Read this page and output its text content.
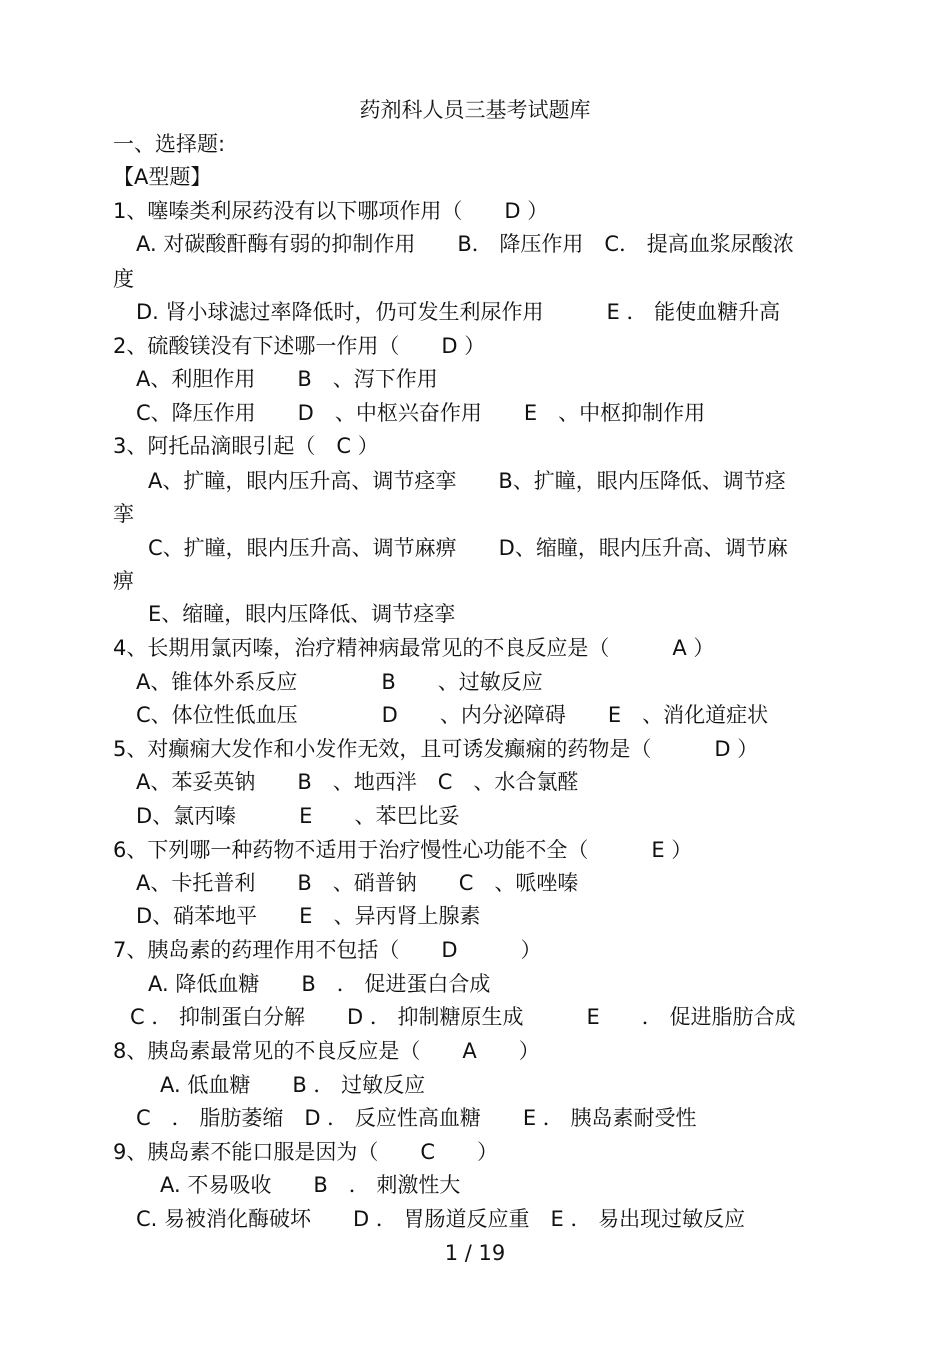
药剂科人员三基考试题库
一、选择题:
【A型题】
1、噻嗪类利尿药没有以下哪项作用（　　D ）
A. 对碳酸酐酶有弱的抑制作用　　B． 降压作用　C． 提高血浆尿酸浓
度
D. 肾小球滤过率降低时，仍可发生利尿作用　　　E ． 能使血糖升高
2、硫酸镁没有下述哪一作用（　　D ）
A、利胆作用　　B　、泻下作用
C、降压作用　　D　、中枢兴奋作用　　E　、中枢抑制作用
3、阿托品滴眼引起（　C ）
A、扩瞳，眼内压升高、调节痉挛　　B、扩瞳，眼内压降低、调节痉
挛
C、扩瞳，眼内压升高、调节麻痹　　D、缩瞳，眼内压升高、调节麻
痹
E、缩瞳，眼内压降低、调节痉挛
4、长期用氯丙嗪，治疗精神病最常见的不良反应是（　　　A ）
A、锥体外系反应　　　　B　　、过敏反应
C、体位性低血压　　　　D　　、内分泌障碍　　E　、消化道症状
5、对癫痫大发作和小发作无效，且可诱发癫痫的药物是（　　　D ）
A、苯妥英钠　　B　、地西泮　C　、水合氯醛
D、氯丙嗪　　　E　　、苯巴比妥
6、下列哪一种药物不适用于治疗慢性心功能不全（　　　E ）
A、卡托普利　　B　、硝普钠　　C　、哌唑嗪
D、硝苯地平　　E　、异丙肾上腺素
7、胰岛素的药理作用不包括（　　D　　　）
A. 降低血糖　　B　． 促进蛋白合成
C ． 抑制蛋白分解　　D ． 抑制糖原生成　　　E　　． 促进脂肪合成
8、胰岛素最常见的不良反应是（　　A　　）
A. 低血糖　　B ． 过敏反应
C　． 脂肪萎缩　D ． 反应性高血糖　　E ． 胰岛素耐受性
9、胰岛素不能口服是因为（　　C　　）
A. 不易吸收　　B　． 刺激性大
C. 易被消化酶破坏　　D ． 胃肠道反应重　E ． 易出现过敏反应
1 / 19
